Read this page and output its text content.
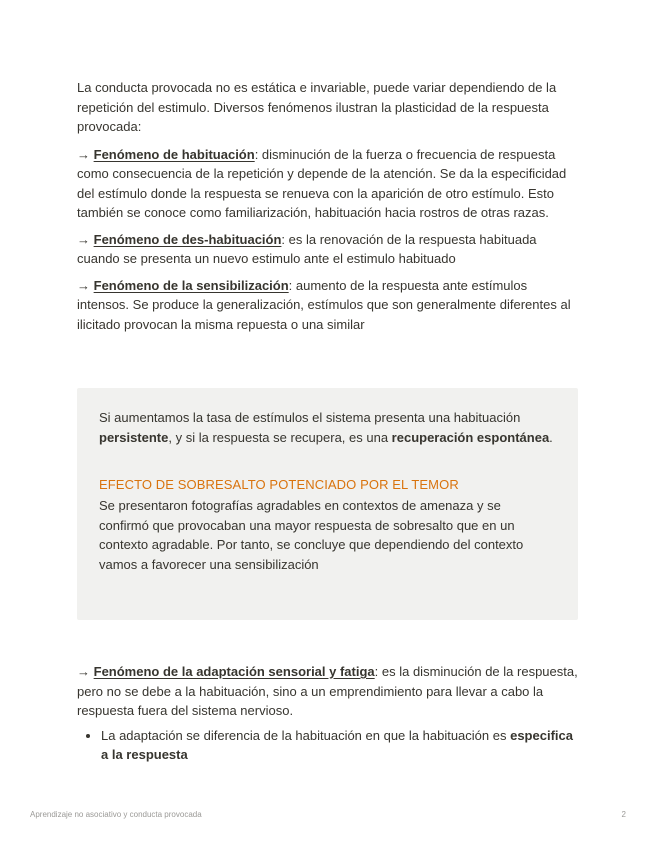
La conducta provocada no es estática e invariable, puede variar dependiendo de la repetición del estimulo. Diversos fenómenos ilustran la plasticidad de la respuesta provocada:

→ Fenómeno de habituación: disminución de la fuerza o frecuencia de respuesta como consecuencia de la repetición y depende de la atención. Se da la especificidad del estímulo donde la respuesta se renueva con la aparición de otro estímulo. Esto también se conoce como familiarización, habituación hacia rostros de otras razas.

→ Fenómeno de des-habituación: es la renovación de la respuesta habituada cuando se presenta un nuevo estimulo ante el estimulo habituado

→ Fenómeno de la sensibilización: aumento de la respuesta ante estímulos intensos. Se produce la generalización, estímulos que son generalmente diferentes al ilicitado provocan la misma repuesta o una similar

Si aumentamos la tasa de estímulos el sistema presenta una habituación persistente, y si la respuesta se recupera, es una recuperación espontánea.

EFECTO DE SOBRESALTO POTENCIADO POR EL TEMOR

Se presentaron fotografías agradables en contextos de amenaza y se confirmó que provocaban una mayor respuesta de sobresalto que en un contexto agradable. Por tanto, se concluye que dependiendo del contexto vamos a favorecer una sensibilización

→ Fenómeno de la adaptación sensorial y fatiga: es la disminución de la respuesta, pero no se debe a la habituación, sino a un emprendimiento para llevar a cabo la respuesta fuera del sistema nervioso.

• La adaptación se diferencia de la habituación en que la habituación es especifica a la respuesta
Aprendizaje no asociativo y conducta provocada	2
